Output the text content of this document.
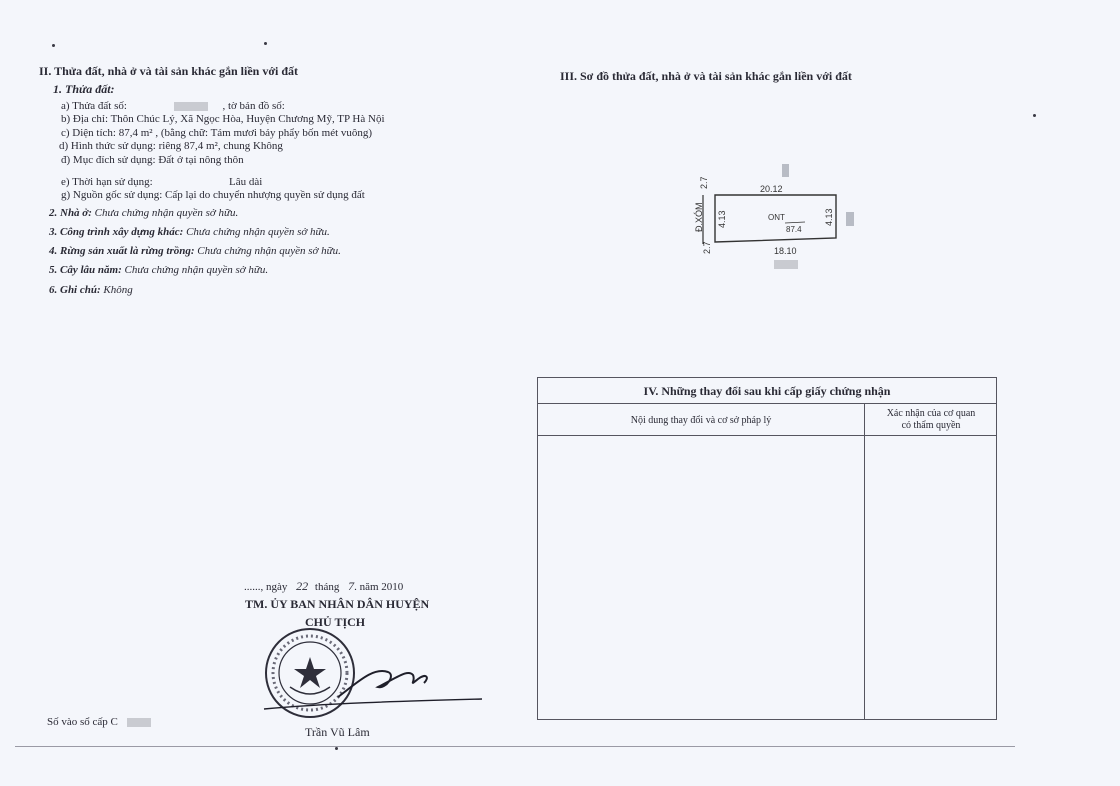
II. Thửa đất, nhà ở và tài sản khác gắn liền với đất
1. Thửa đất:
a) Thửa đất số:	, tờ bản đồ số:
b) Địa chỉ: Thôn Chúc Lý, Xã Ngọc Hòa, Huyện Chương Mỹ, TP Hà Nội
c) Diện tích: 87,4 m² , (bằng chữ: Tám mươi bảy phẩy bốn mét vuông)
d) Hình thức sử dụng: riêng 87,4 m², chung Không
đ) Mục đích sử dụng: Đất ở tại nông thôn
e) Thời hạn sử dụng:	Lâu dài
g) Nguồn gốc sử dụng: Cấp lại do chuyển nhượng quyền sử dụng đất
2. Nhà ở: Chưa chứng nhận quyền sở hữu.
3. Công trình xây dựng khác: Chưa chứng nhận quyền sở hữu.
4. Rừng sản xuất là rừng trồng: Chưa chứng nhận quyền sở hữu.
5. Cây lâu năm: Chưa chứng nhận quyền sở hữu.
6. Ghi chú: Không
III. Sơ đồ thửa đất, nhà ở và tài sản khác gắn liền với đất
2.7
Đ.XÓM
2.7
20.12
18.10
4.13	4.13
ONT
87.4
IV. Những thay đổi sau khi cấp giấy chứng nhận
Nội dung thay đổi và cơ sở pháp lý
Xác nhận của cơ quan
có thẩm quyền
......, ngày 22 tháng 7. năm 2010
TM. ỦY BAN NHÂN DÂN HUYỆN
CHỦ TỊCH
Trần Vũ Lâm
Số vào sổ cấp C
